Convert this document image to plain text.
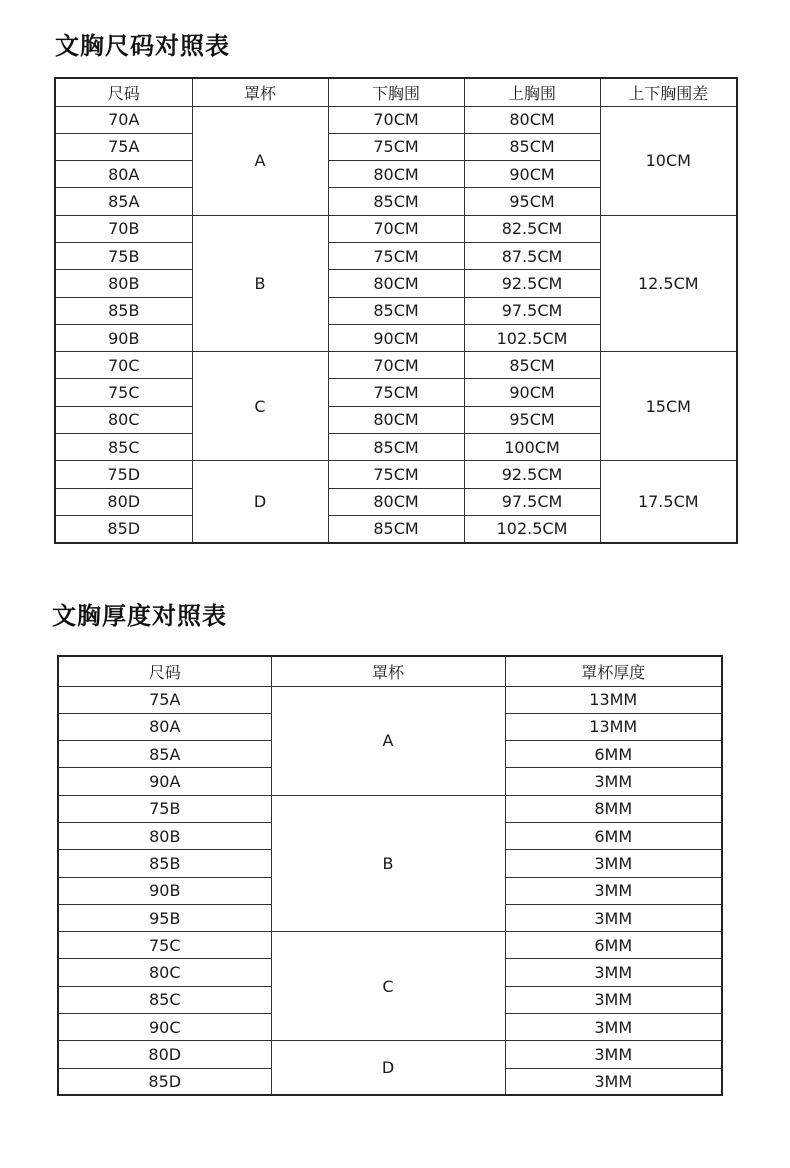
文胸尺码对照表
尺码	罩杯	下胸围	上胸围	上下胸围差
70A	A	70CM	80CM	10CM
75A		75CM	85CM	
80A		80CM	90CM	
85A		85CM	95CM	
70B	B	70CM	82.5CM	12.5CM
75B		75CM	87.5CM	
80B		80CM	92.5CM	
85B		85CM	97.5CM	
90B		90CM	102.5CM	
70C	C	70CM	85CM	15CM
75C		75CM	90CM	
80C		80CM	95CM	
85C		85CM	100CM	
75D	D	75CM	92.5CM	17.5CM
80D		80CM	97.5CM	
85D		85CM	102.5CM	
文胸厚度对照表
尺码	罩杯	罩杯厚度
75A	A	13MM
80A		13MM
85A		6MM
90A		3MM
75B	B	8MM
80B		6MM
85B		3MM
90B		3MM
95B		3MM
75C	C	6MM
80C		3MM
85C		3MM
90C		3MM
80D	D	3MM
85D		3MM
